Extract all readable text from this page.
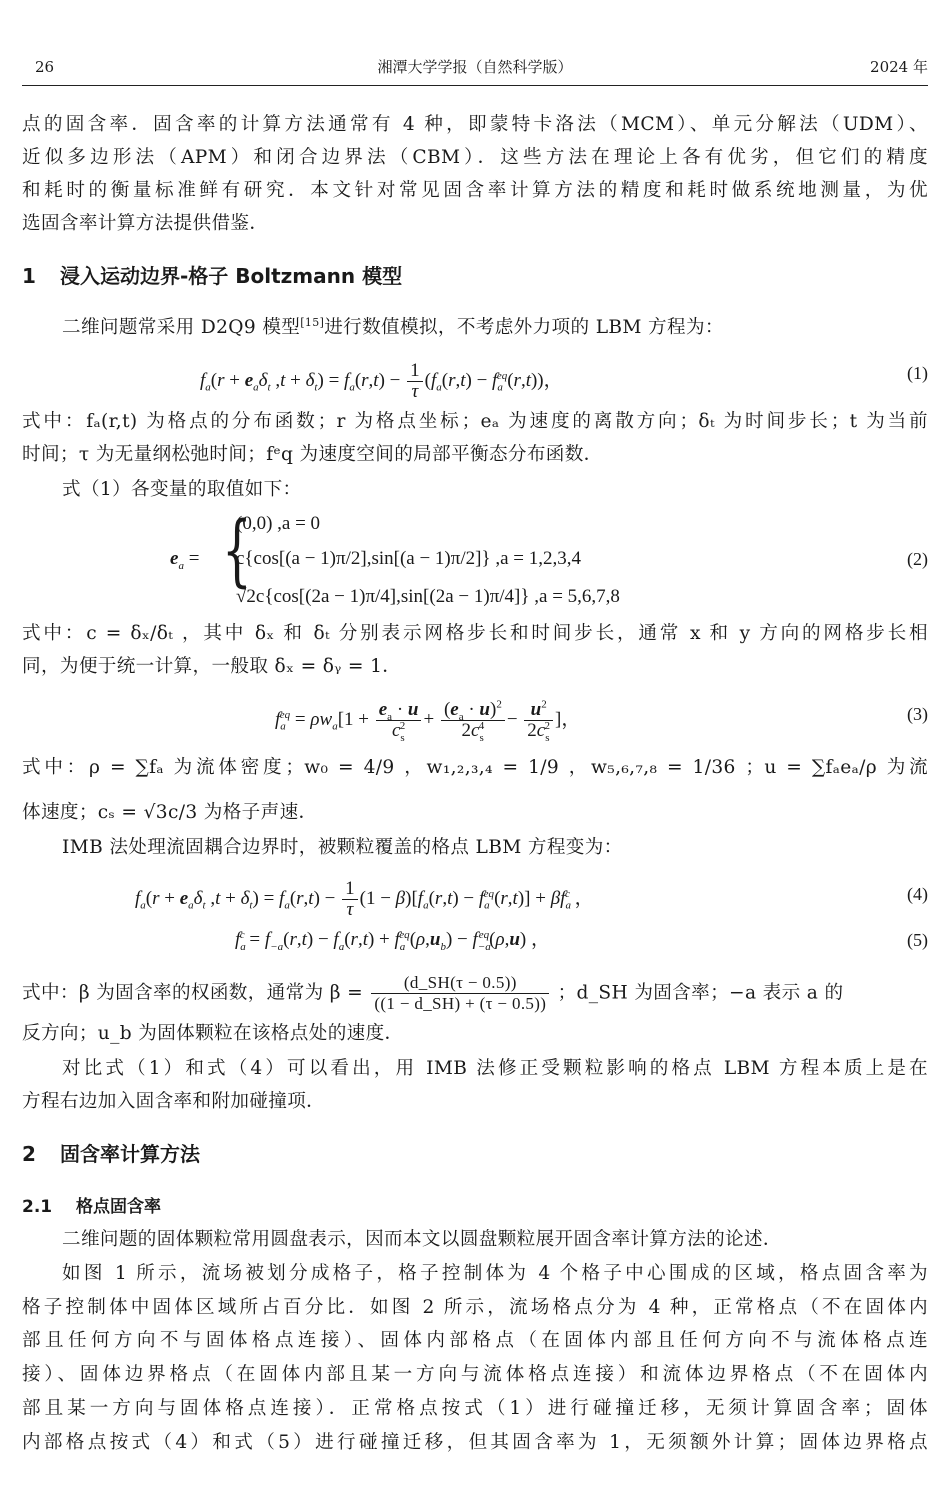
26	湘潭大学学报（自然科学版）	2024 年
点的固含率．固含率的计算方法通常有 4 种，即蒙特卡洛法（MCM）、单元分解法（UDM）、
近似多边形法（APM）和闭合边界法（CBM）．这些方法在理论上各有优劣，但它们的精度
和耗时的衡量标准鲜有研究．本文针对常见固含率计算方法的精度和耗时做系统地测量，为优
选固含率计算方法提供借鉴．
1 浸入运动边界-格子 Boltzmann 模型
二维问题常采用 D2Q9 模型[15]进行数值模拟，不考虑外力项的 LBM 方程为：
$f_a(r + e_a\delta_t$ $,t + \delta_t) = f_a(r,t) - \frac{1}{\tau} (f_a(r,t) - f_a^{eq}(r,t))$，	(1)
式中：fₐ(r,t) 为格点的分布函数；r 为格点坐标；eₐ 为速度的离散方向；δₜ 为时间步长；t 为当前
时间；τ 为无量纲松弛时间；fᵉq 为速度空间的局部平衡态分布函数．
式（1）各变量的取值如下：
$e_a$ = {
(0,0) ,a = 0
c{cos[(a − 1)π/2],sin[(a − 1)π/2]} ,a = 1,2,3,4
√2c{cos[(2a − 1)π/4],sin[(2a − 1)π/4]} ,a = 5,6,7,8
(2)
式中：c = δₓ/δₜ ，其中 δₓ 和 δₜ 分别表示网格步长和时间步长，通常 x 和 y 方向的网格步长相
同，为便于统一计算，一般取 δₓ = δᵧ = 1．
$f_a^{eq} = \rho w_a[1 + \frac{e_a \cdot u}{c_s^2} + \frac{(e_a \cdot u)^2}{2c_s^4} - \frac{u^2}{2c_s^2}$ ]，	(3)
式中：ρ = ∑fₐ 为流体密度；w₀ = 4/9 ，w₁,₂,₃,₄ = 1/9 ，w₅,₆,₇,₈ = 1/36 ；u = ∑fₐeₐ/ρ 为流
体速度；cₛ = √3c/3 为格子声速．
IMB 法处理流固耦合边界时，被颗粒覆盖的格点 LBM 方程变为：
$f_a(r + e_a\delta_t$ $,t + \delta_t) = f_a(r,t) - \frac{1}{\tau} (1 - \beta)[f_a(r,t) - f_a^{eq}(r,t)] + \beta f_a^c$ ，	(4)
$f_a^c = f_{-a}(r,t) - f_a(r,t) + f_a^{eq}(\rho,u_b) - f_{-a}^{eq}(\rho,u)$ ，	(5)
式中：β 为固含率的权函数，通常为 $\beta = \frac{(d\_SH(\tau - 0.5))}{((1 - d\_SH) + (\tau - 0.5))}$ ；d_SH 为固含率；−a 表示 a 的
反方向；u_b 为固体颗粒在该格点处的速度．
对比式（1）和式（4）可以看出，用 IMB 法修正受颗粒影响的格点 LBM 方程本质上是在
方程右边加入固含率和附加碰撞项．
2 固含率计算方法
2.1 格点固含率
二维问题的固体颗粒常用圆盘表示，因而本文以圆盘颗粒展开固含率计算方法的论述．
如图 1 所示，流场被划分成格子，格子控制体为 4 个格子中心围成的区域，格点固含率为
格子控制体中固体区域所占百分比．如图 2 所示，流场格点分为 4 种，正常格点（不在固体内
部且任何方向不与固体格点连接）、固体内部格点（在固体内部且任何方向不与流体格点连
接）、固体边界格点（在固体内部且某一方向与流体格点连接）和流体边界格点（不在固体内
部且某一方向与固体格点连接）．正常格点按式（1）进行碰撞迁移，无须计算固含率；固体
内部格点按式（4）和式（5）进行碰撞迁移，但其固含率为 1，无须额外计算；固体边界格点
